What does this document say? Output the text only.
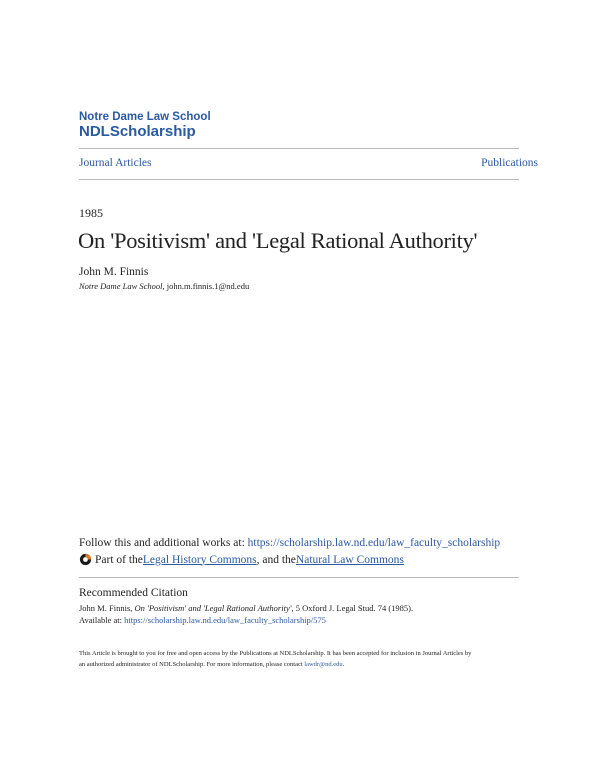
Notre Dame Law School
NDLScholarship
Journal Articles	Publications
1985
On 'Positivism' and 'Legal Rational Authority'
John M. Finnis
Notre Dame Law School, john.m.finnis.1@nd.edu
Follow this and additional works at: https://scholarship.law.nd.edu/law_faculty_scholarship
Part of the Legal History Commons , and the Natural Law Commons
Recommended Citation
John M. Finnis, On 'Positivism' and 'Legal Rational Authority', 5 Oxford J. Legal Stud. 74 (1985).
Available at: https://scholarship.law.nd.edu/law_faculty_scholarship/575
This Article is brought to you for free and open access by the Publications at NDLScholarship. It has been accepted for inclusion in Journal Articles by
an authorized administrator of NDLScholarship. For more information, please contact lawdr@nd.edu.
